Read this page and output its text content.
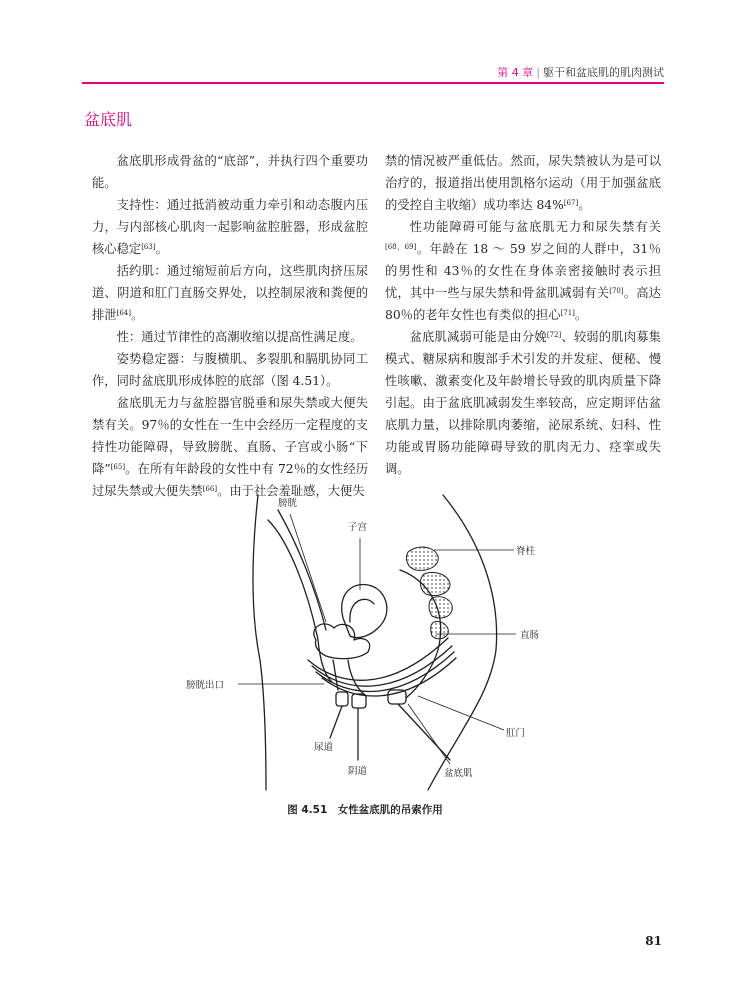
第 4 章 | 躯干和盆底肌的肌肉测试
盆底肌

盆底肌形成骨盆的“底部”，并执行四个重要功能。

支持性：通过抵消被动重力牵引和动态腹内压力，与内部核心肌肉一起影响盆腔脏器，形成盆腔核心稳定[63]。

括约肌：通过缩短前后方向，这些肌肉挤压尿道、阴道和肛门直肠交界处，以控制尿液和粪便的排泄[64]。

性：通过节律性的高潮收缩以提高性满足度。

姿势稳定器：与腹横肌、多裂肌和膈肌协同工作，同时盆底肌形成体腔的底部（图 4.51）。

盆底肌无力与盆腔器官脱垂和尿失禁或大便失禁有关。97％的女性在一生中会经历一定程度的支持性功能障碍，导致膀胱、直肠、子宫或小肠“下降”[65]。在所有年龄段的女性中有 72％的女性经历过尿失禁或大便失禁[66]。由于社会羞耻感，大便失

禁的情况被严重低估。然而，尿失禁被认为是可以治疗的，报道指出使用凯格尔运动（用于加强盆底的受控自主收缩）成功率达 84%[67]。

性功能障碍可能与盆底肌无力和尿失禁有关[68，69]。年龄在 18 ～ 59 岁之间的人群中，31％的男性和 43％的女性在身体亲密接触时表示担忧，其中一些与尿失禁和骨盆肌减弱有关[70]。高达 80％的老年女性也有类似的担心[71]。

盆底肌减弱可能是由分娩[72]、较弱的肌肉募集模式、糖尿病和腹部手术引发的并发症、便秘、慢性咳嗽、激素变化及年龄增长导致的肌肉质量下降引起。由于盆底肌减弱发生率较高，应定期评估盆底肌力量，以排除肌肉萎缩，泌尿系统、妇科、性功能或胃肠功能障碍导致的肌肉无力、痉挛或失调。

膀胱
子宫
脊柱
直肠
膀胱出口
肛门
尿道
阴道	盆底肌
图 4.51　女性盆底肌的吊索作用
81
